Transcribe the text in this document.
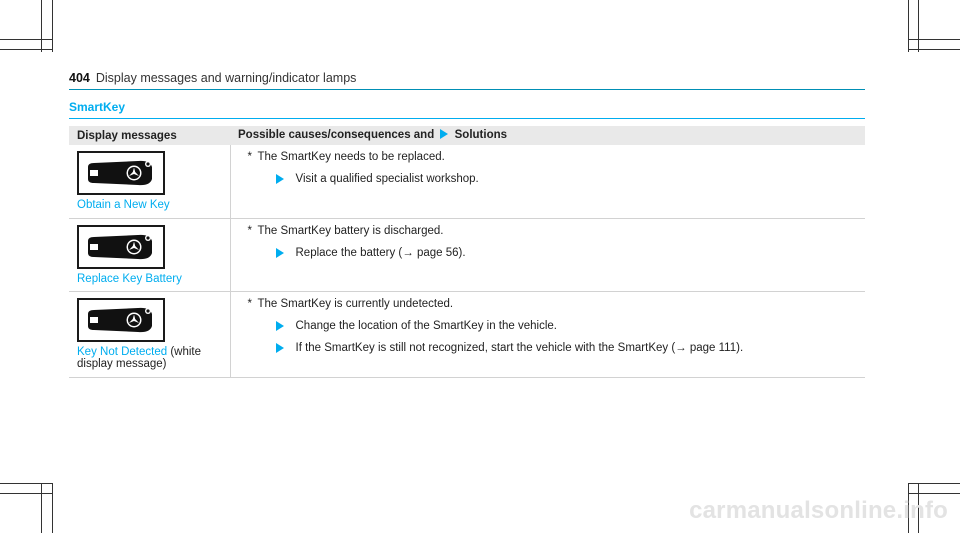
404 Display messages and warning/indicator lamps
SmartKey
Display messages	Possible causes/consequences and Solutions

Obtain a New Key	* The SmartKey needs to be replaced.
Visit a qualified specialist workshop.

Replace Key Battery	* The SmartKey battery is discharged.
Replace the battery (→ page 56).

Key Not Detected (white display message)	* The SmartKey is currently undetected.
Change the location of the SmartKey in the vehicle.
If the SmartKey is still not recognized, start the vehicle with the SmartKey (→ page 111).
carmanualsonline.info
